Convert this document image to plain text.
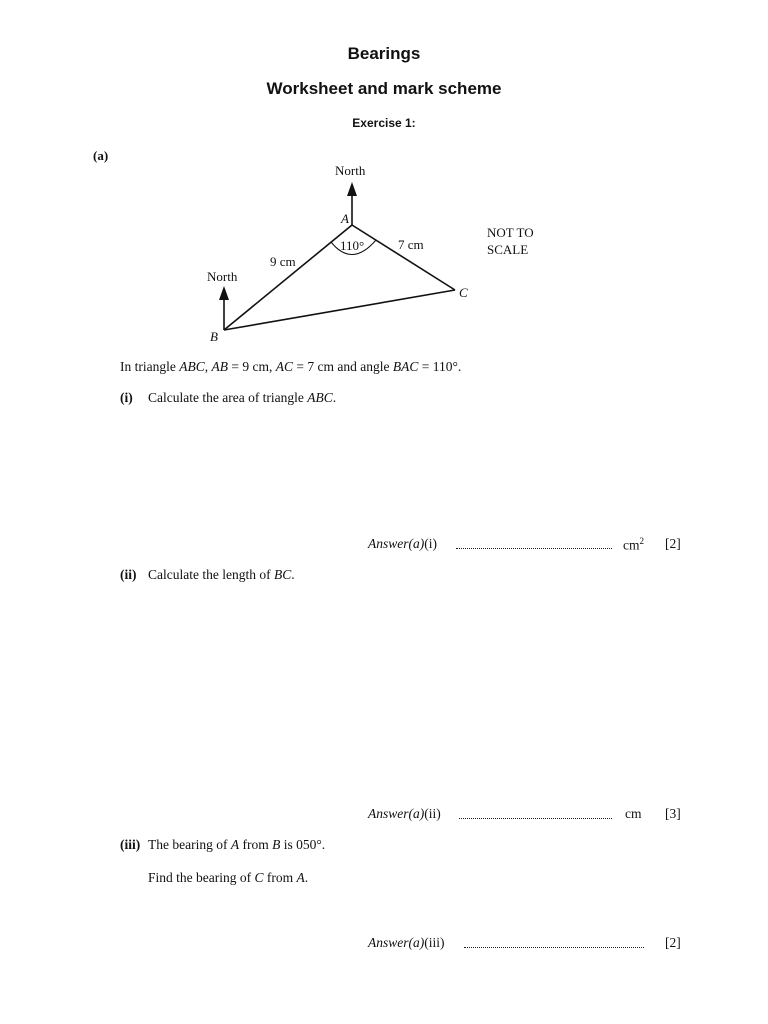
Bearings
Worksheet and mark scheme
Exercise 1:
(a)
North
North
A
B
C
9 cm
7 cm
110°
NOT TO
SCALE
In triangle ABC, AB = 9 cm, AC = 7 cm and angle BAC = 110°.
(i) Calculate the area of triangle ABC.
Answer(a)(i)	$cm^2$ [2]
(ii) Calculate the length of BC.
Answer(a)(ii)	cm [3]
(iii) The bearing of A from B is 050°.
Find the bearing of C from A.
Answer(a)(iii)	[2]
